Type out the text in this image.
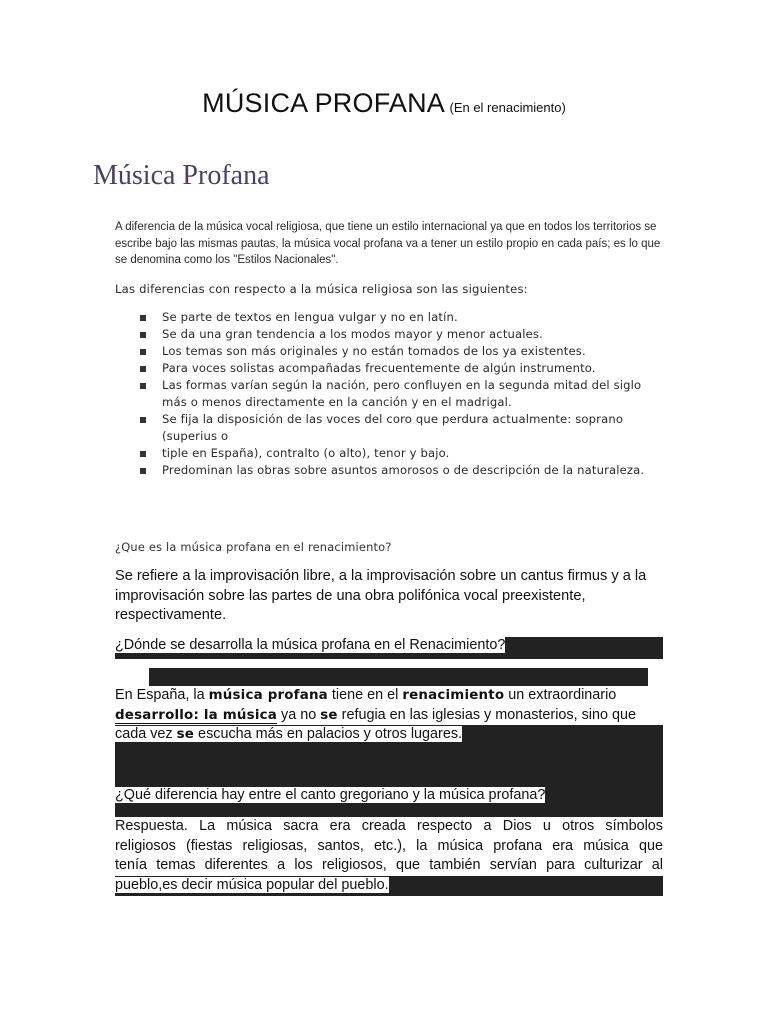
MÚSICA PROFANA (En el renacimiento)
Música Profana
A diferencia de la música vocal religiosa, que tiene un estilo internacional ya que en todos los territorios se escribe bajo las mismas pautas, la música vocal profana va a tener un estilo propio en cada país; es lo que se denomina como los "Estilos Nacionales".
Las diferencias con respecto a la música religiosa son las siguientes:
Se parte de textos en lengua vulgar y no en latín.
Se da una gran tendencia a los modos mayor y menor actuales.
Los temas son más originales y no están tomados de los ya existentes.
Para voces solistas acompañadas frecuentemente de algún instrumento.
Las formas varían según la nación, pero confluyen en la segunda mitad del siglo más o menos directamente en la canción y en el madrigal.
Se fija la disposición de las voces del coro que perdura actualmente: soprano (superius o
tiple en España), contralto (o alto), tenor y bajo.
Predominan las obras sobre asuntos amorosos o de descripción de la naturaleza.
¿Que es la música profana en el renacimiento?
Se refiere a la improvisación libre, a la improvisación sobre un cantus firmus y a la improvisación sobre las partes de una obra polifónica vocal preexistente, respectivamente.
¿Dónde se desarrolla la música profana en el Renacimiento?
En España, la música profana tiene en el renacimiento un extraordinario
desarrollo: la música ya no se refugia en las iglesias y monasterios, sino que
cada vez se escucha más en palacios y otros lugares.
¿Qué diferencia hay entre el canto gregoriano y la música profana?
Respuesta. La música sacra era creada respecto a Dios u otros símbolos
religiosos (fiestas religiosas, santos, etc.), la música profana era música que
tenía temas diferentes a los religiosos, que también servían para culturizar al
pueblo,es decir música popular del pueblo.
